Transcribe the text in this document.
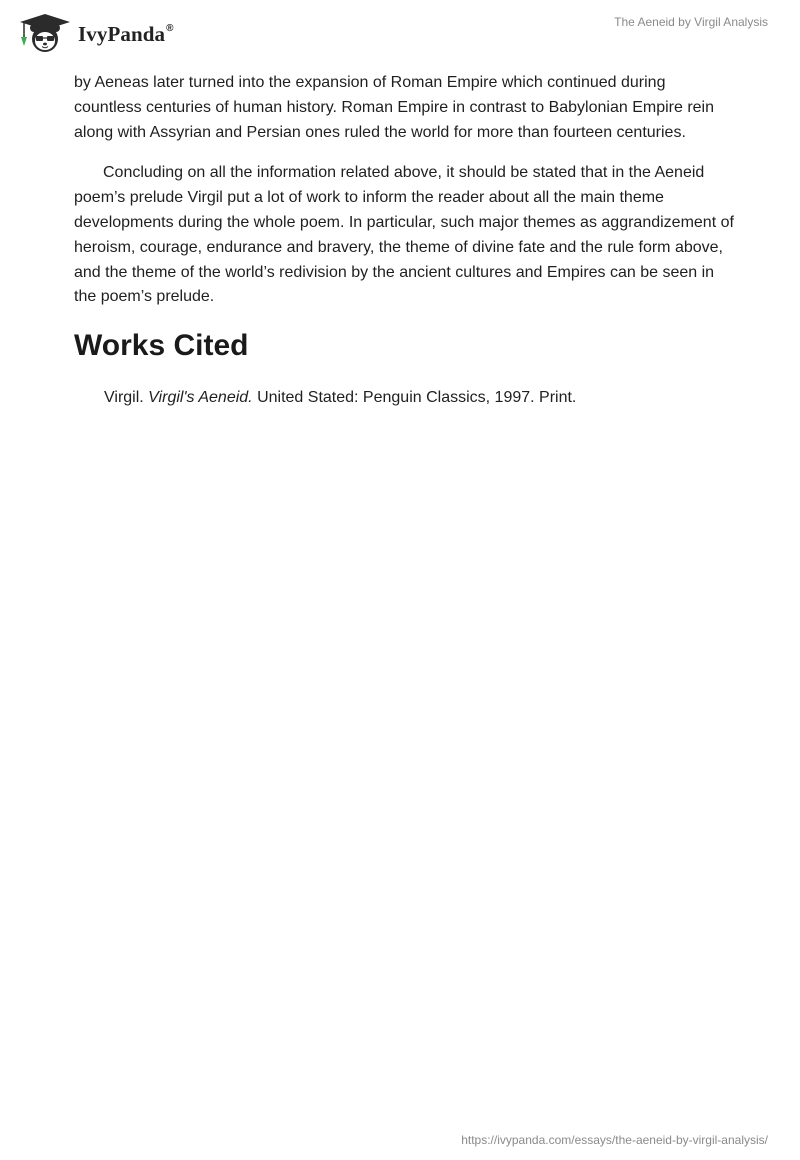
IvyPanda®	The Aeneid by Virgil Analysis

by Aeneas later turned into the expansion of Roman Empire which continued during countless centuries of human history. Roman Empire in contrast to Babylonian Empire rein along with Assyrian and Persian ones ruled the world for more than fourteen centuries.

Concluding on all the information related above, it should be stated that in the Aeneid poem’s prelude Virgil put a lot of work to inform the reader about all the main theme developments during the whole poem. In particular, such major themes as aggrandizement of heroism, courage, endurance and bravery, the theme of divine fate and the rule form above, and the theme of the world’s redivision by the ancient cultures and Empires can be seen in the poem’s prelude.

Works Cited

Virgil. Virgil's Aeneid. United Stated: Penguin Classics, 1997. Print.

https://ivypanda.com/essays/the-aeneid-by-virgil-analysis/
